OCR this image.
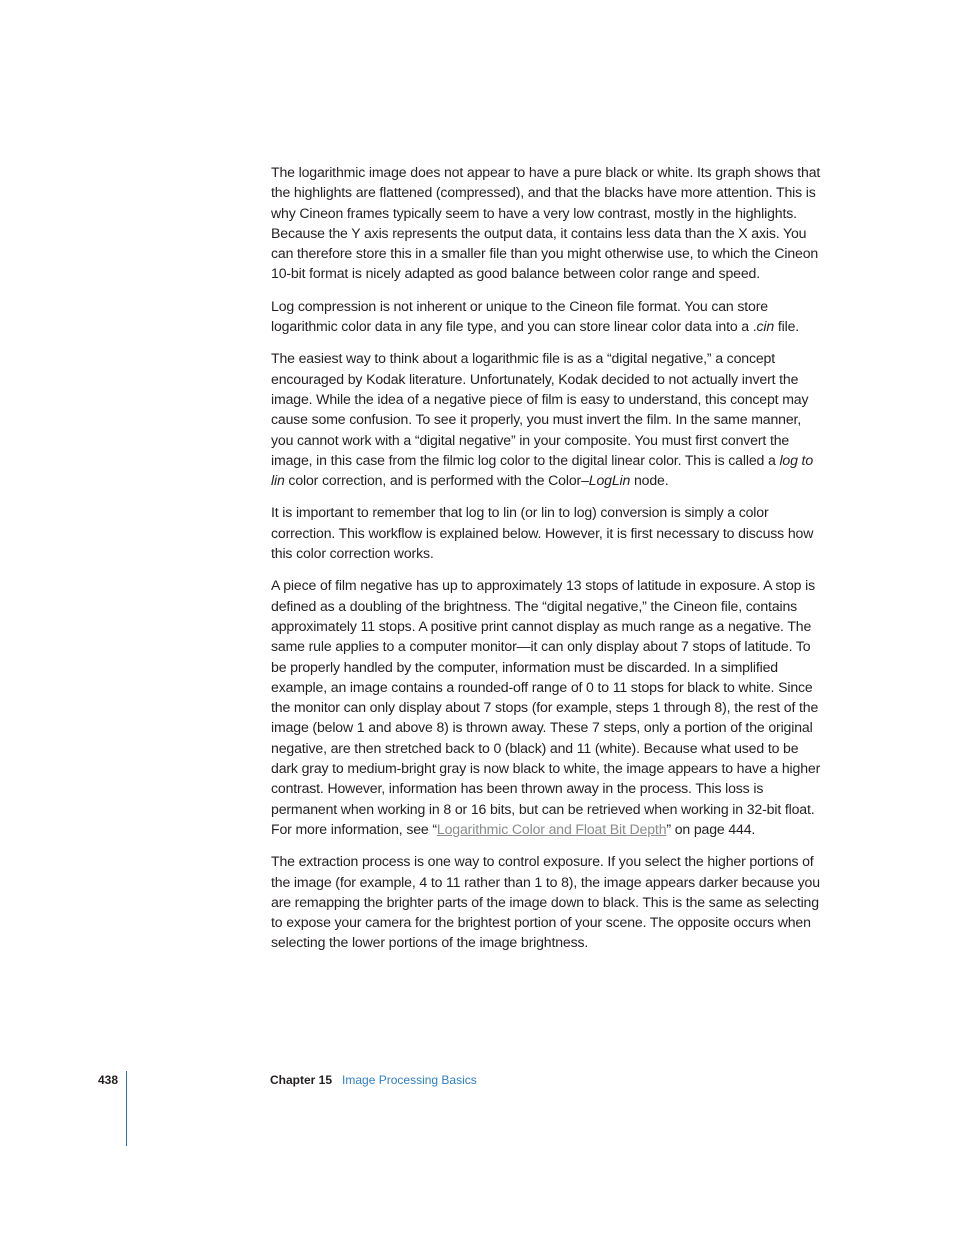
The logarithmic image does not appear to have a pure black or white. Its graph shows that the highlights are flattened (compressed), and that the blacks have more attention. This is why Cineon frames typically seem to have a very low contrast, mostly in the highlights. Because the Y axis represents the output data, it contains less data than the X axis. You can therefore store this in a smaller file than you might otherwise use, to which the Cineon 10-bit format is nicely adapted as good balance between color range and speed.

Log compression is not inherent or unique to the Cineon file format. You can store logarithmic color data in any file type, and you can store linear color data into a .cin file.

The easiest way to think about a logarithmic file is as a “digital negative,” a concept encouraged by Kodak literature. Unfortunately, Kodak decided to not actually invert the image. While the idea of a negative piece of film is easy to understand, this concept may cause some confusion. To see it properly, you must invert the film. In the same manner, you cannot work with a “digital negative” in your composite. You must first convert the image, in this case from the filmic log color to the digital linear color. This is called a log to lin color correction, and is performed with the Color–LogLin node.

It is important to remember that log to lin (or lin to log) conversion is simply a color correction. This workflow is explained below. However, it is first necessary to discuss how this color correction works.

A piece of film negative has up to approximately 13 stops of latitude in exposure. A stop is defined as a doubling of the brightness. The “digital negative,” the Cineon file, contains approximately 11 stops. A positive print cannot display as much range as a negative. The same rule applies to a computer monitor—it can only display about 7 stops of latitude. To be properly handled by the computer, information must be discarded. In a simplified example, an image contains a rounded-off range of 0 to 11 stops for black to white. Since the monitor can only display about 7 stops (for example, steps 1 through 8), the rest of the image (below 1 and above 8) is thrown away. These 7 steps, only a portion of the original negative, are then stretched back to 0 (black) and 11 (white). Because what used to be dark gray to medium-bright gray is now black to white, the image appears to have a higher contrast. However, information has been thrown away in the process. This loss is permanent when working in 8 or 16 bits, but can be retrieved when working in 32-bit float. For more information, see “Logarithmic Color and Float Bit Depth” on page 444.

The extraction process is one way to control exposure. If you select the higher portions of the image (for example, 4 to 11 rather than 1 to 8), the image appears darker because you are remapping the brighter parts of the image down to black. This is the same as selecting to expose your camera for the brightest portion of your scene. The opposite occurs when selecting the lower portions of the image brightness.

438	Chapter 15 Image Processing Basics
